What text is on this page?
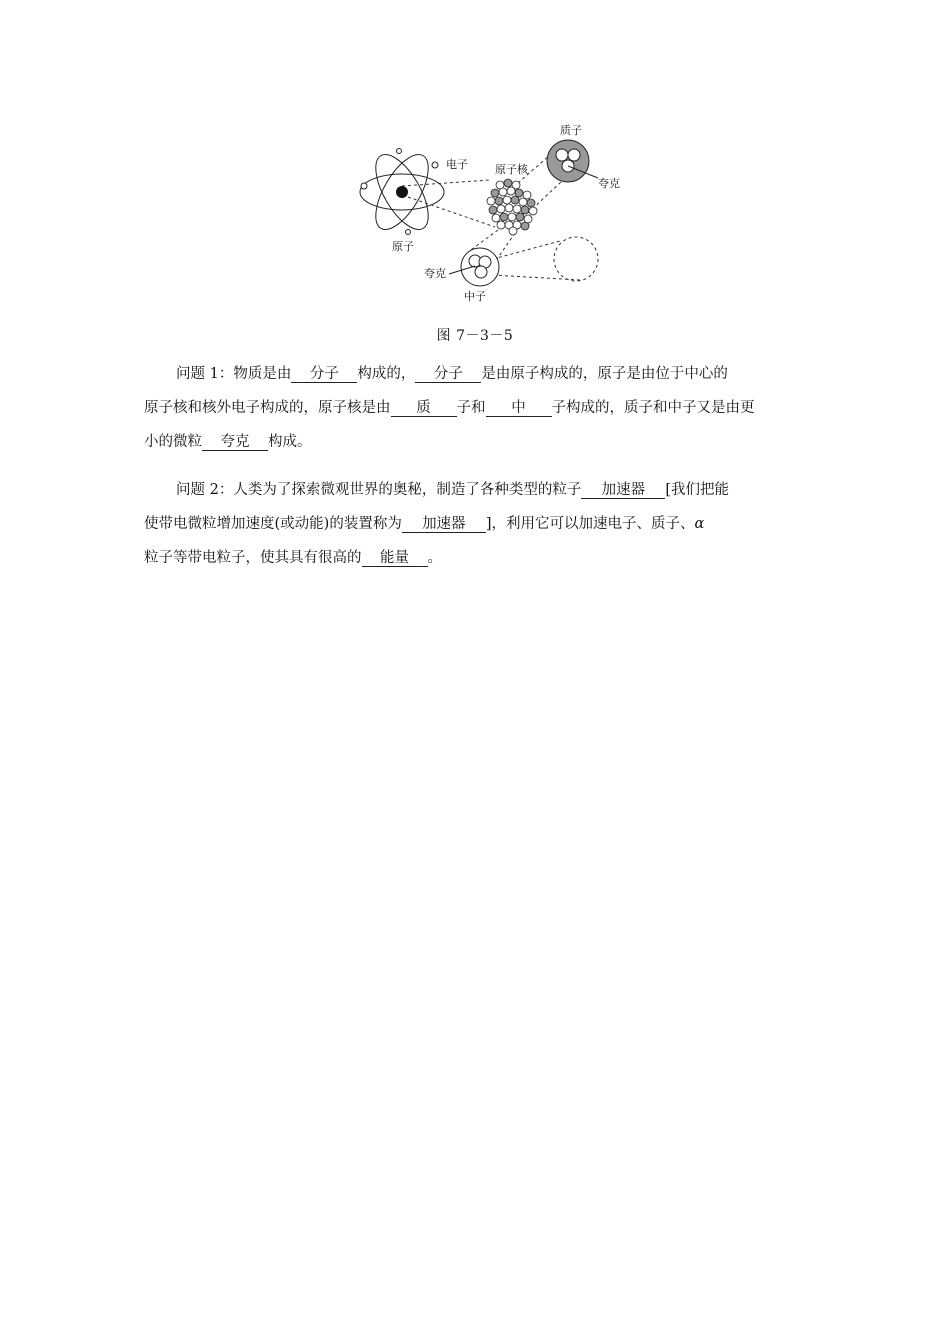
电子
原子
原子核
质子
夸克
夸克
中子
图 7－3－5
问题 1：物质是由 分子 构成的， 分子 是由原子构成的，原子是由位于中心的
原子核和核外电子构成的，原子核是由 质 子和 中 子构成的，质子和中子又是由更
小的微粒 夸克 构成。
问题 2：人类为了探索微观世界的奥秘，制造了各种类型的粒子 加速器 [我们把能
使带电微粒增加速度(或动能)的装置称为 加速器 ]，利用它可以加速电子、质子、α
粒子等带电粒子，使其具有很高的 能量 。
